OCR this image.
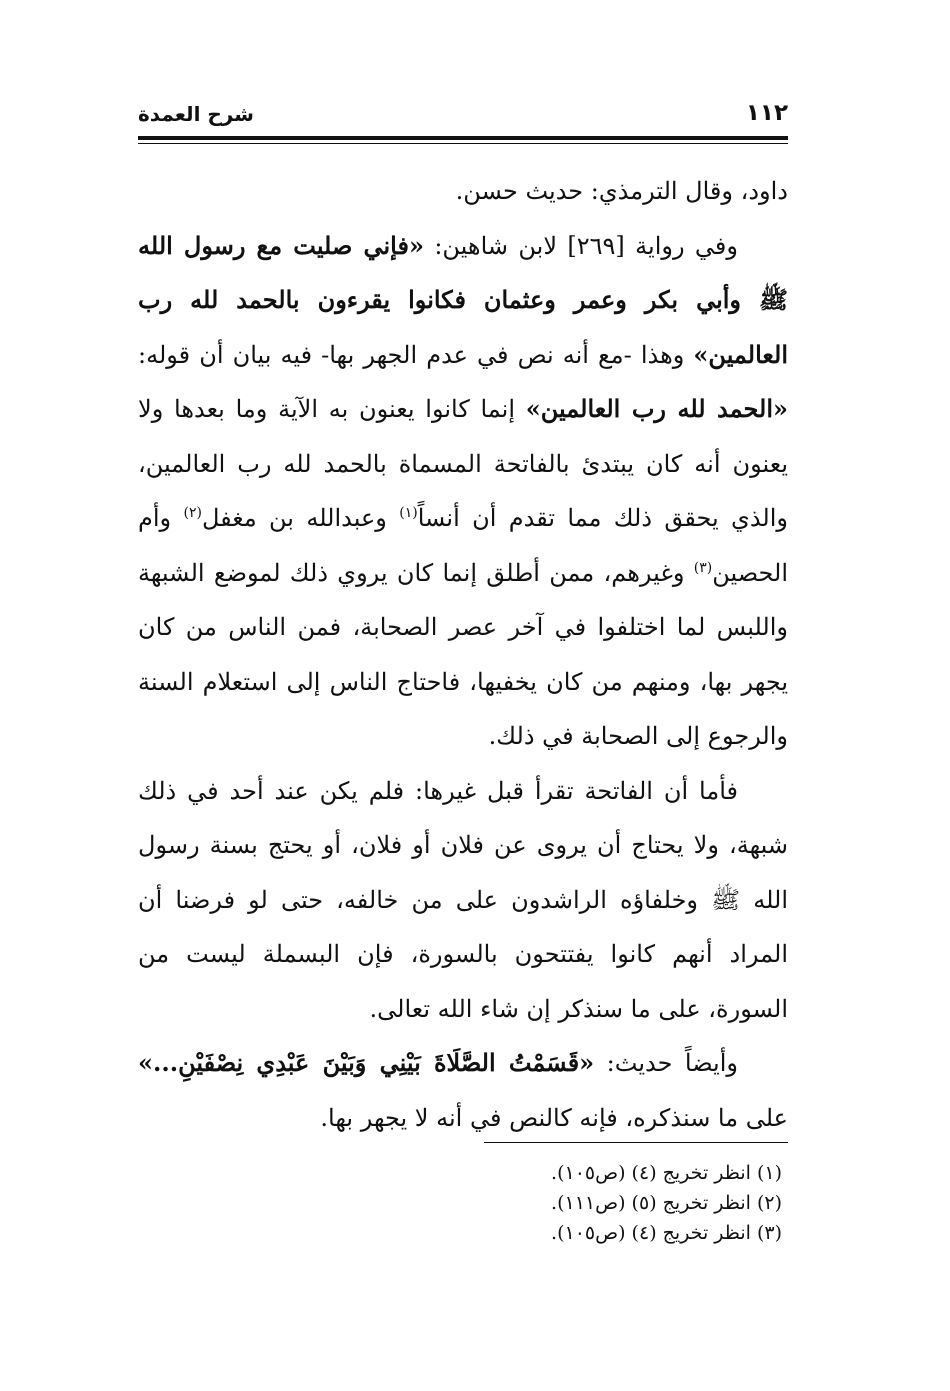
١١٢
شرح العمدة

داود، وقال الترمذي: حديث حسن.

وفي رواية [٢٦٩] لابن شاهين: «فإني صليت مع رسول الله ﷺ وأبي بكر وعمر وعثمان فكانوا يقرءون بالحمد لله رب العالمين» وهذا -مع أنه نص في عدم الجهر بها- فيه بيان أن قوله: «الحمد لله رب العالمين» إنما كانوا يعنون به الآية وما بعدها ولا يعنون أنه كان يبتدئ بالفاتحة المسماة بالحمد لله رب العالمين، والذي يحقق ذلك مما تقدم أن أنساً$^{(١)}$ وعبدالله بن مغفل$^{(٢)}$ وأم الحصين$^{(٣)}$ وغيرهم، ممن أطلق إنما كان يروي ذلك لموضع الشبهة واللبس لما اختلفوا في آخر عصر الصحابة، فمن الناس من كان يجهر بها، ومنهم من كان يخفيها، فاحتاج الناس إلى استعلام السنة والرجوع إلى الصحابة في ذلك.

فأما أن الفاتحة تقرأ قبل غيرها: فلم يكن عند أحد في ذلك شبهة، ولا يحتاج أن يروى عن فلان أو فلان، أو يحتج بسنة رسول الله ﷺ وخلفاؤه الراشدون على من خالفه، حتى لو فرضنا أن المراد أنهم كانوا يفتتحون بالسورة، فإن البسملة ليست من السورة، على ما سنذكر إن شاء الله تعالى.

وأيضاً حديث: «قَسَمْتُ الصَّلَاةَ بَيْنِي وَبَيْنَ عَبْدِي نِصْفَيْنِ...» على ما سنذكره، فإنه كالنص في أنه لا يجهر بها.

(١) انظر تخريج (٤) (ص١٠٥).
(٢) انظر تخريج (٥) (ص١١١).
(٣) انظر تخريج (٤) (ص١٠٥).
